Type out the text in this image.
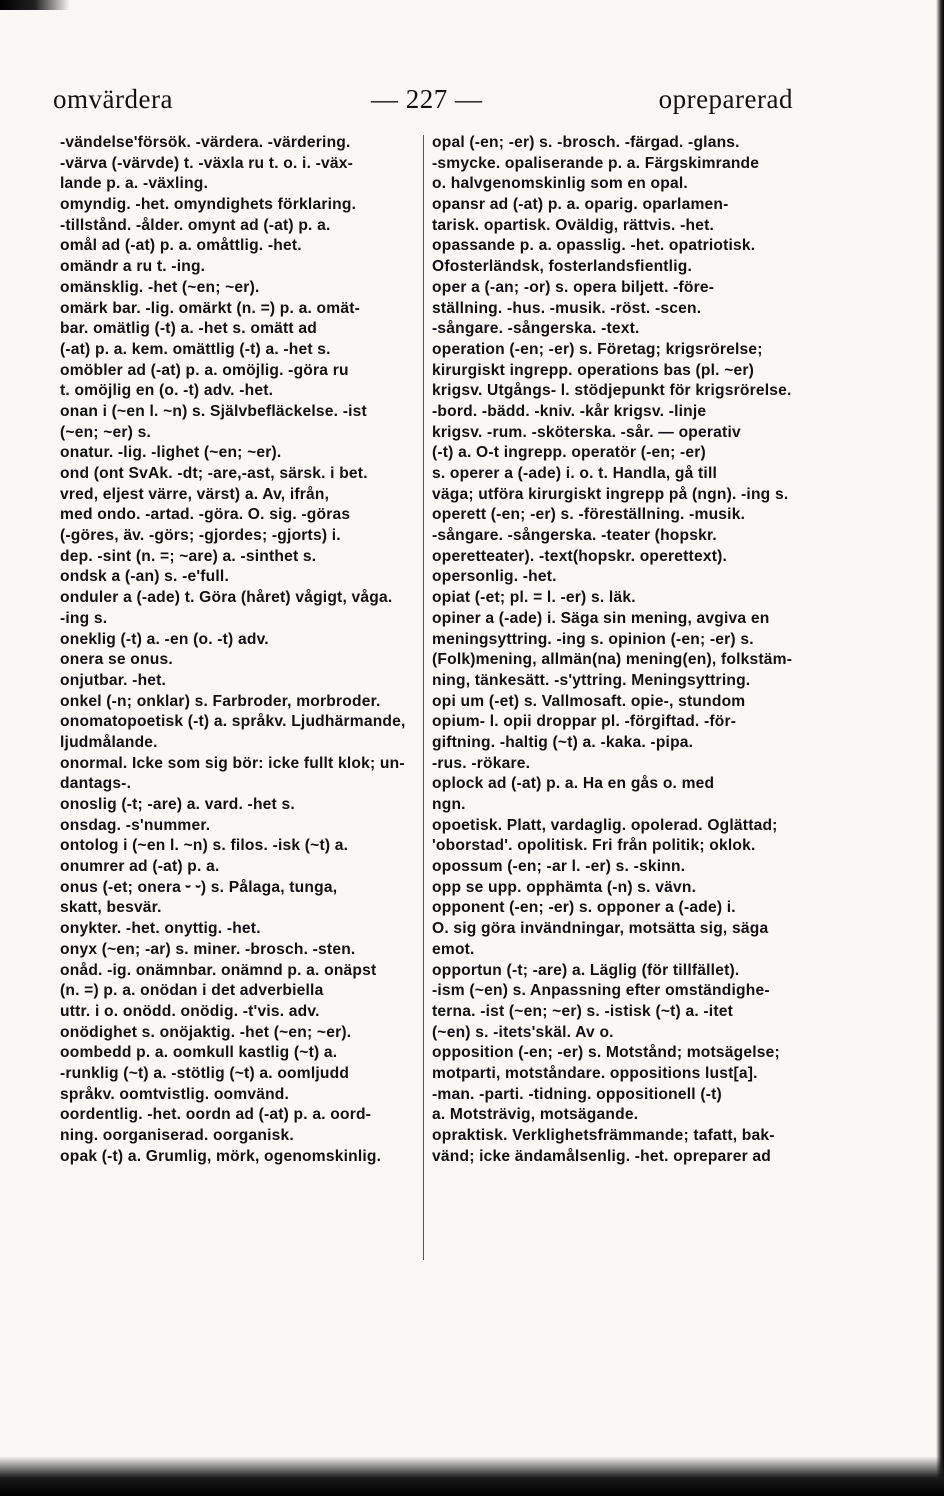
omvärdera	— 227 —	opreparerad
-vändelse'försök. -värdera. -värdering.
-värva (-värvde) t. -växla ru t. o. i. -väx-
lande p. a. -växling.
omyndig. -het. omyndighets förklaring.
-tillstånd. -ålder. omynt ad (-at) p. a.
omål ad (-at) p. a. omåttlig. -het.
omändr a ru t. -ing.
omänsklig. -het (~en; ~er).
omärk bar. -lig. omärkt (n. =) p. a. omät-
bar. omätlig (-t) a. -het s. omätt ad
(-at) p. a. kem. omättlig (-t) a. -het s.
omöbler ad (-at) p. a. omöjlig. -göra ru
t. omöjlig en (o. -t) adv. -het.
onan i (~en l. ~n) s. Självbefläckelse. -ist
(~en; ~er) s.
onatur. -lig. -lighet (~en; ~er).
ond (ont SvAk. -dt; -are,-ast, särsk. i bet.
vred, eljest värre, värst) a. Av, ifrån,
med ondo. -artad. -göra. O. sig. -göras
(-göres, äv. -görs; -gjordes; -gjorts) i.
dep. -sint (n. =; ~are) a. -sinthet s.
ondsk a (-an) s. -e'full.
onduler a (-ade) t. Göra (håret) vågigt, våga.
-ing s.
oneklig (-t) a. -en (o. -t) adv.
onera se onus.
onjutbar. -het.
onkel (-n; onklar) s. Farbroder, morbroder.
onomatopoetisk (-t) a. språkv. Ljudhärmande,
ljudmålande.
onormal. Icke som sig bör: icke fullt klok; un-
dantags-.
onoslig (-t; -are) a. vard. -het s.
onsdag. -s'nummer.
ontolog i (~en l. ~n) s. filos. -isk (~t) a.
onumrer ad (-at) p. a.
onus (-et; onera ⏑ ⏑) s. Pålaga, tunga,
skatt, besvär.
onykter. -het. onyttig. -het.
onyx (~en; -ar) s. miner. -brosch. -sten.
onåd. -ig. onämnbar. onämnd p. a. onäpst
(n. =) p. a. onödan i det adverbiella
uttr. i o. onödd. onödig. -t'vis. adv.
onödighet s. onöjaktig. -het (~en; ~er).
oombedd p. a. oomkull kastlig (~t) a.
-runklig (~t) a. -stötlig (~t) a. oomljudd
språkv. oomtvistlig. oomvänd.
oordentlig. -het. oordn ad (-at) p. a. oord-
ning. oorganiserad. oorganisk.
opak (-t) a. Grumlig, mörk, ogenomskinlig.
opal (-en; -er) s. -brosch. -färgad. -glans.
-smycke. opaliserande p. a. Färgskimrande
o. halvgenomskinlig som en opal.
opansr ad (-at) p. a. oparig. oparlamen-
tarisk. opartisk. Oväldig, rättvis. -het.
opassande p. a. opasslig. -het. opatriotisk.
Ofosterländsk, fosterlandsfientlig.
oper a (-an; -or) s. opera biljett. -före-
ställning. -hus. -musik. -röst. -scen.
-sångare. -sångerska. -text.
operation (-en; -er) s. Företag; krigsrörelse;
kirurgiskt ingrepp. operations bas (pl. ~er)
krigsv. Utgångs- l. stödjepunkt för krigsrörelse.
-bord. -bädd. -kniv. -kår krigsv. -linje
krigsv. -rum. -sköterska. -sår. — operativ
(-t) a. O-t ingrepp. operatör (-en; -er)
s. operer a (-ade) i. o. t. Handla, gå till
väga; utföra kirurgiskt ingrepp på (ngn). -ing s.
operett (-en; -er) s. -föreställning. -musik.
-sångare. -sångerska. -teater (hopskr.
operetteater). -text(hopskr. operettext).
opersonlig. -het.
opiat (-et; pl. = l. -er) s. läk.
opiner a (-ade) i. Säga sin mening, avgiva en
meningsyttring. -ing s. opinion (-en; -er) s.
(Folk)mening, allmän(na) mening(en), folkstäm-
ning, tänkesätt. -s'yttring. Meningsyttring.
opi um (-et) s. Vallmosaft. opie-, stundom
opium- l. opii droppar pl. -förgiftad. -för-
giftning. -haltig (~t) a. -kaka. -pipa.
-rus. -rökare.
oplock ad (-at) p. a. Ha en gås o. med
ngn.
opoetisk. Platt, vardaglig. opolerad. Oglättad;
'oborstad'. opolitisk. Fri från politik; oklok.
opossum (-en; -ar l. -er) s. -skinn.
opp se upp. opphämta (-n) s. vävn.
opponent (-en; -er) s. opponer a (-ade) i.
O. sig göra invändningar, motsätta sig, säga
emot.
opportun (-t; -are) a. Läglig (för tillfället).
-ism (~en) s. Anpassning efter omständighe-
terna. -ist (~en; ~er) s. -istisk (~t) a. -itet
(~en) s. -itets'skäl. Av o.
opposition (-en; -er) s. Motstånd; motsägelse;
motparti, motståndare. oppositions lust[a].
-man. -parti. -tidning. oppositionell (-t)
a. Motsträvig, motsägande.
opraktisk. Verklighetsfrämmande; tafatt, bak-
vänd; icke ändamålsenlig. -het. opreparer ad
